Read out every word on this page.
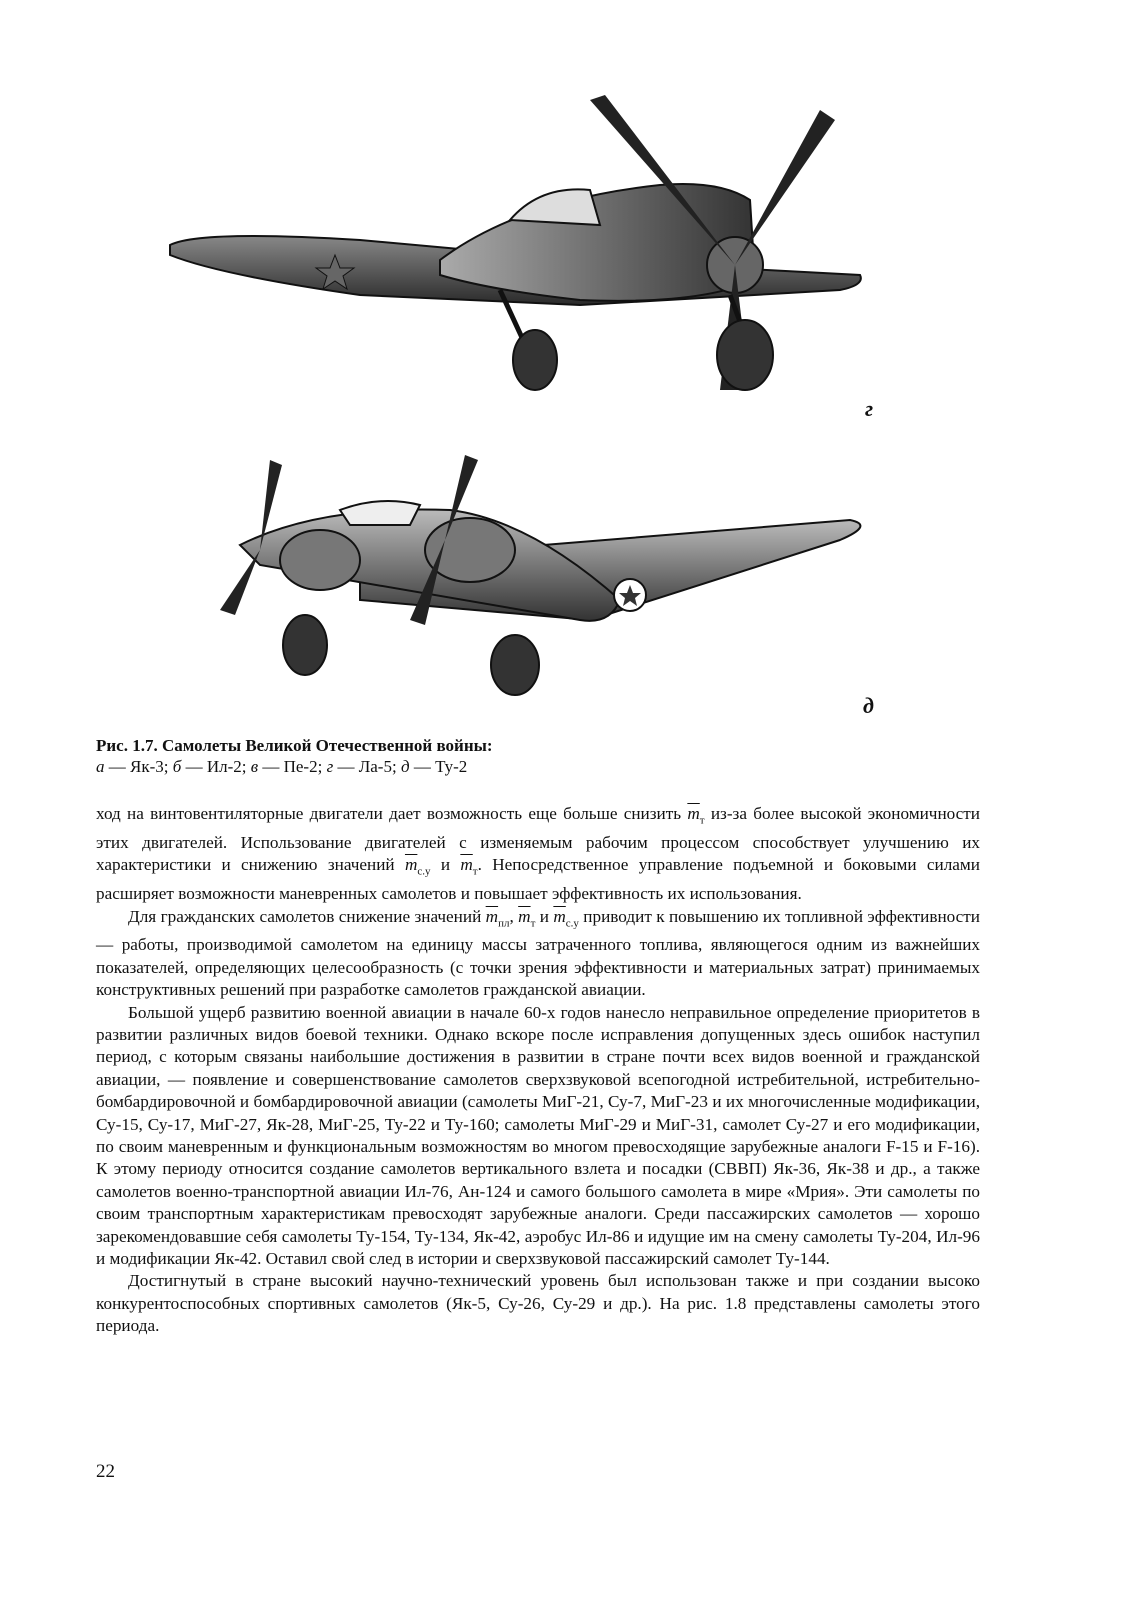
г
д
Рис. 1.7. Самолеты Великой Отечественной войны:
а — Як-3; б — Ил-2; в — Пе-2; г — Ла-5; д — Ту-2

ход на винтовентиляторные двигатели дает возможность еще больше снизить $\overline{m}_т$ из-за более высокой экономичности этих двигателей. Использование двигателей с изменяемым рабочим процессом способствует улучшению их характеристики и снижению значений $\overline{m}_{с.у}$ и $\overline{m}_т$. Непосредственное управление подъемной и боковыми силами расширяет возможности маневренных самолетов и повышает эффективность их использования.

Для гражданских самолетов снижение значений $\overline{m}_{пл}$, $\overline{m}_т$ и $\overline{m}_{с.у}$ приводит к повышению их топливной эффективности — работы, производимой самолетом на единицу массы затраченного топлива, являющегося одним из важнейших показателей, определяющих целесообразность (с точки зрения эффективности и материальных затрат) принимаемых конструктивных решений при разработке самолетов гражданской авиации.

Большой ущерб развитию военной авиации в начале 60-х годов нанесло неправильное определение приоритетов в развитии различных видов боевой техники. Однако вскоре после исправления допущенных здесь ошибок наступил период, с которым связаны наибольшие достижения в развитии в стране почти всех видов военной и гражданской авиации, — появление и совершенствование самолетов сверхзвуковой всепогодной истребительной, истребительно-бомбардировочной и бомбардировочной авиации (самолеты МиГ-21, Су-7, МиГ-23 и их многочисленные модификации, Су-15, Су-17, МиГ-27, Як-28, МиГ-25, Ту-22 и Ту-160; самолеты МиГ-29 и МиГ-31, самолет Су-27 и его модификации, по своим маневренным и функциональным возможностям во многом превосходящие зарубежные аналоги F-15 и F-16). К этому периоду относится создание самолетов вертикального взлета и посадки (СВВП) Як-36, Як-38 и др., а также самолетов военно-транспортной авиации Ил-76, Ан-124 и самого большого самолета в мире «Мрия». Эти самолеты по своим транспортным характеристикам превосходят зарубежные аналоги. Среди пассажирских самолетов — хорошо зарекомендовавшие себя самолеты Ту-154, Ту-134, Як-42, аэробус Ил-86 и идущие им на смену самолеты Ту-204, Ил-96 и модификации Як-42. Оставил свой след в истории и сверхзвуковой пассажирский самолет Ту-144.

Достигнутый в стране высокий научно-технический уровень был использован также и при создании высоко конкурентоспособных спортивных самолетов (Як-5, Су-26, Су-29 и др.). На рис. 1.8 представлены самолеты этого периода.

22
